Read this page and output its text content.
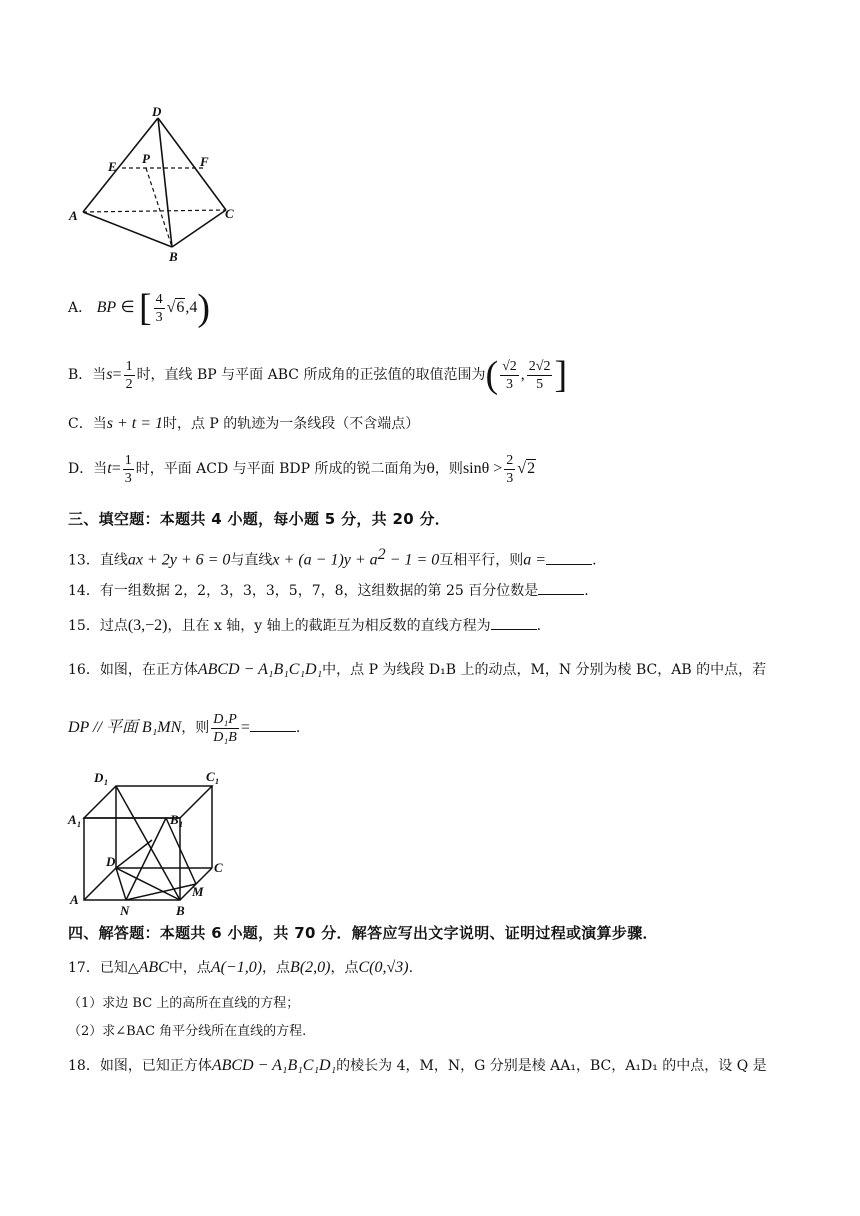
D
E
P	F
A	C
B
A． BP ∈ [ $\frac{4}{3} √6,4$)
B．当$s= \frac{1}{2}$ 时，直线 BP 与平面 ABC 所成角的正弦值的取值范围为( $\frac{√2}{3}$ , $\frac{2√2}{5}$ ]
C．当s + t = 1时，点 P 的轨迹为一条线段（不含端点）
D．当$t= \frac{1}{3}$ 时，平面 ACD 与平面 BDP 所成的锐二面角为θ，则$\sin\theta > \frac{2}{3} √2$
三、填空题：本题共 4 小题，每小题 5 分，共 20 分．
13．直线ax + 2y + 6 = 0与直线$x + (a - 1)y + a^2 - 1 = 0$互相平行，则a =	.
14．有一组数据 2，2，3，3，3，5，7，8，这组数据的第 25 百分位数是	.
15．过点(3,−2)，且在 x 轴，y 轴上的截距互为相反数的直线方程为	.
16．如图，在正方体ABCD − A₁B₁C₁D₁中，点 P 为线段 D₁B 上的动点，M，N 分别为棱 BC，AB 的中点，若
DP // 平面 B₁MN，则 $\frac{\text{D₁P}}{\text{D₁B}}$ =	.
D 1	C 1
A 1	B 1
D	C
A
M
N	B
四、解答题：本题共 6 小题，共 70 分．解答应写出文字说明、证明过程或演算步骤．
17．已知△ABC中，点A(−1,0)，点B(2,0)，点C(0,√3).
（1）求边 BC 上的高所在直线的方程；
（2）求∠BAC 角平分线所在直线的方程.
18．如图，已知正方体ABCD − A₁B₁C₁D₁的棱长为 4，M，N，G 分别是棱 AA₁，BC，A₁D₁ 的中点，设 Q 是
